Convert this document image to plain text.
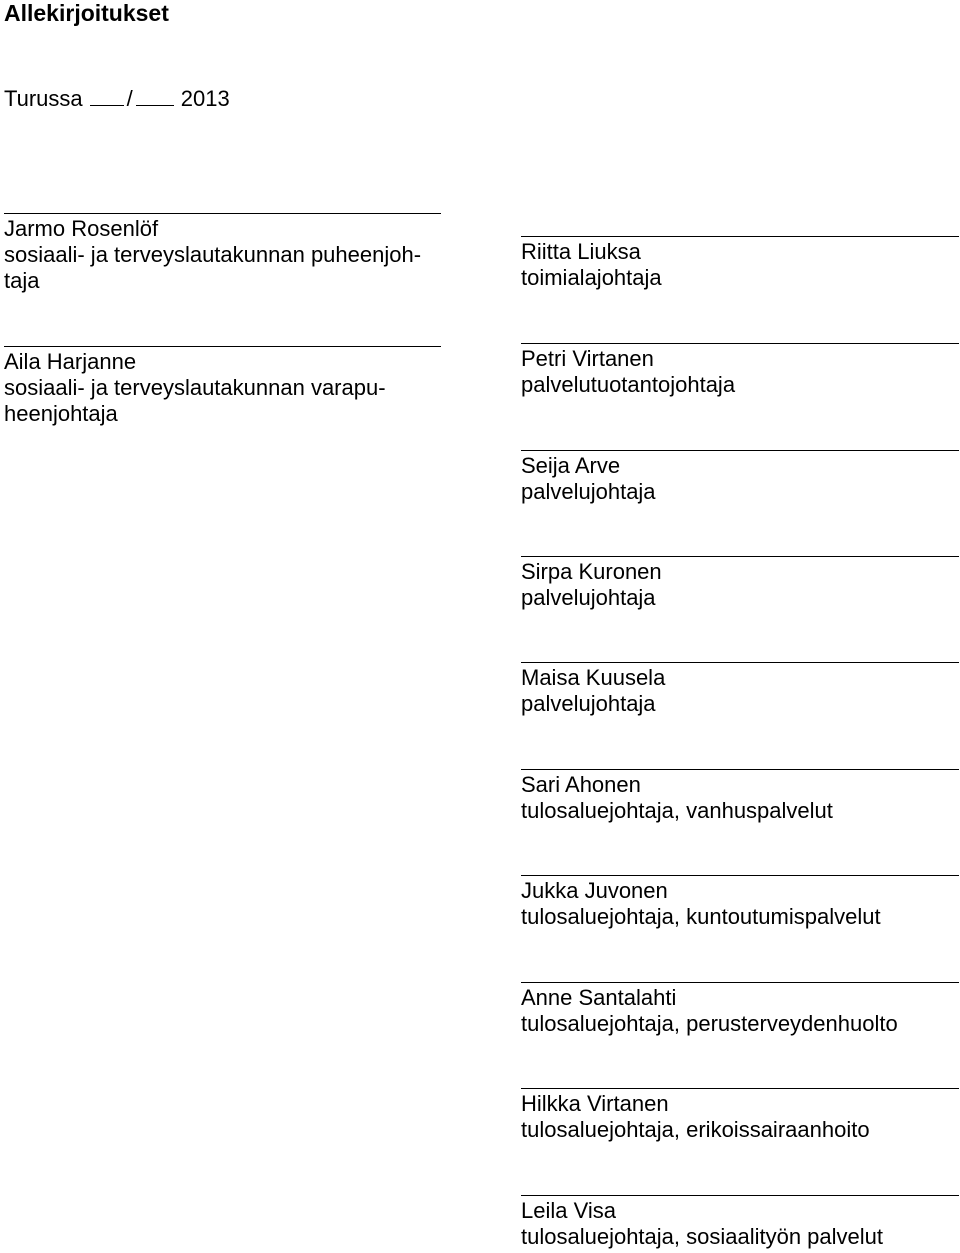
Allekirjoitukset
Turussa / 2013
Jarmo Rosenlöf
sosiaali- ja terveyslautakunnan puheenjoh-
taja
Aila Harjanne
sosiaali- ja terveyslautakunnan varapu-
heenjohtaja
Riitta Liuksa
toimialajohtaja
Petri Virtanen
palvelutuotantojohtaja
Seija Arve
palvelujohtaja
Sirpa Kuronen
palvelujohtaja
Maisa Kuusela
palvelujohtaja
Sari Ahonen
tulosaluejohtaja, vanhuspalvelut
Jukka Juvonen
tulosaluejohtaja, kuntoutumispalvelut
Anne Santalahti
tulosaluejohtaja, perusterveydenhuolto
Hilkka Virtanen
tulosaluejohtaja, erikoissairaanhoito
Leila Visa
tulosaluejohtaja, sosiaalityön palvelut
